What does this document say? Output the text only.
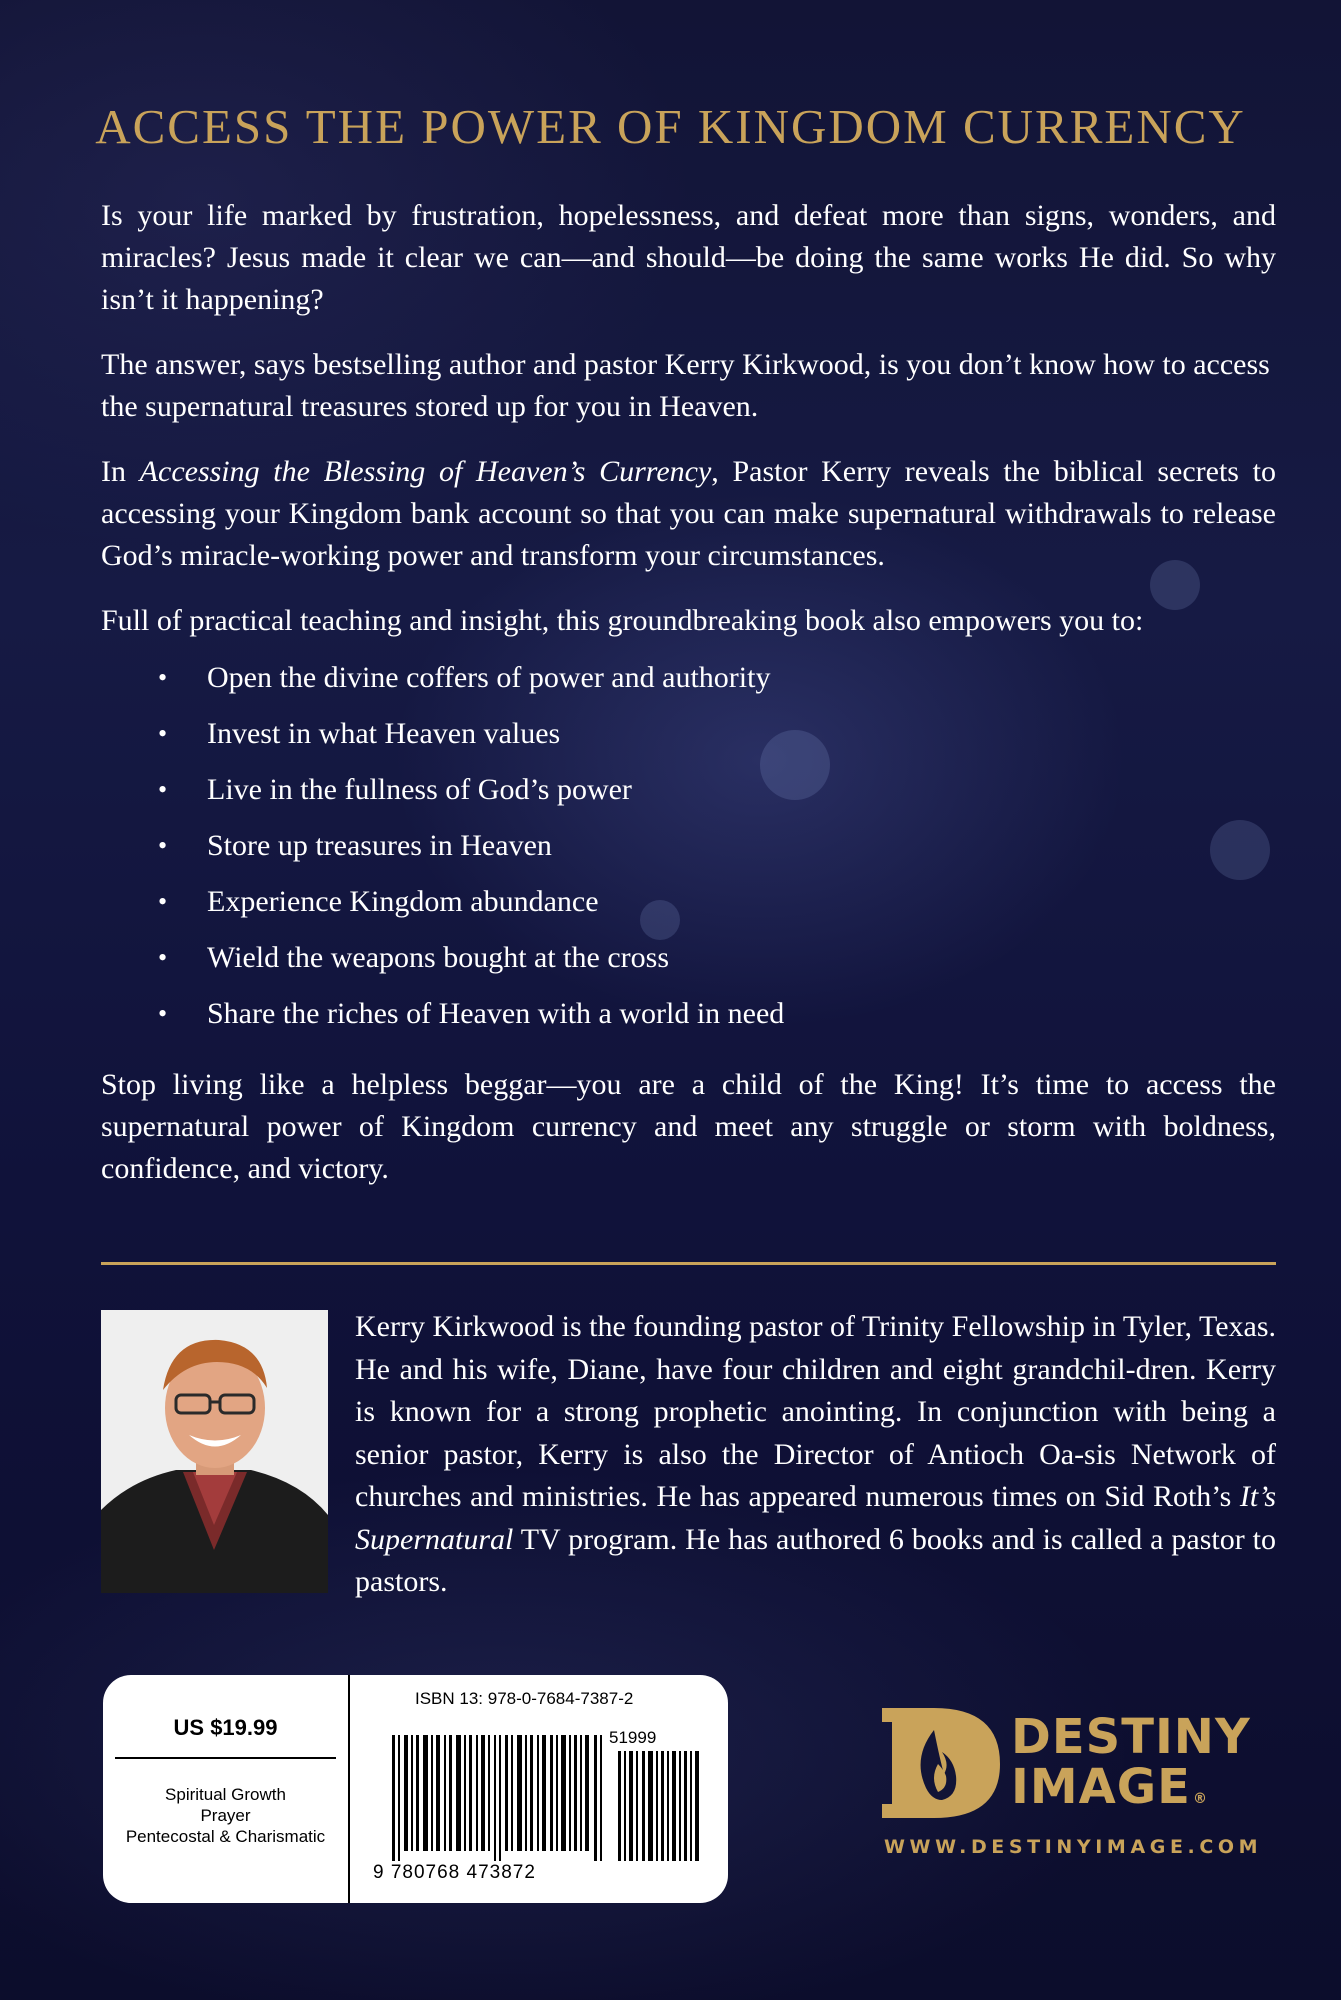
ACCESS THE POWER OF KINGDOM CURRENCY

Is your life marked by frustration, hopelessness, and defeat more than signs, wonders, and miracles? Jesus made it clear we can—and should—be doing the same works He did. So why isn’t it happening?

The answer, says bestselling author and pastor Kerry Kirkwood, is you don’t know how to access the supernatural treasures stored up for you in Heaven.

In Accessing the Blessing of Heaven’s Currency, Pastor Kerry reveals the biblical secrets to accessing your Kingdom bank account so that you can make supernatural withdrawals to release God’s miracle-working power and transform your circumstances.

Full of practical teaching and insight, this groundbreaking book also empowers you to:

• Open the divine coffers of power and authority
• Invest in what Heaven values
• Live in the fullness of God’s power
• Store up treasures in Heaven
• Experience Kingdom abundance
• Wield the weapons bought at the cross
• Share the riches of Heaven with a world in need

Stop living like a helpless beggar—you are a child of the King! It’s time to access the supernatural power of Kingdom currency and meet any struggle or storm with boldness, confidence, and victory.

Kerry Kirkwood is the founding pastor of Trinity Fellowship in Tyler, Texas. He and his wife, Diane, have four children and eight grandchil-dren. Kerry is known for a strong prophetic anointing. In conjunction with being a senior pastor, Kerry is also the Director of Antioch Oa-sis Network of churches and ministries. He has appeared numerous times on Sid Roth’s It’s Supernatural TV program. He has authored 6 books and is called a pastor to pastors.

US $19.99
Spiritual Growth
Prayer
Pentecostal & Charismatic
ISBN 13: 978-0-7684-7387-2
51999
9 780768 473872
DESTINY
IMAGE ®
WWW.DESTINYIMAGE.COM
